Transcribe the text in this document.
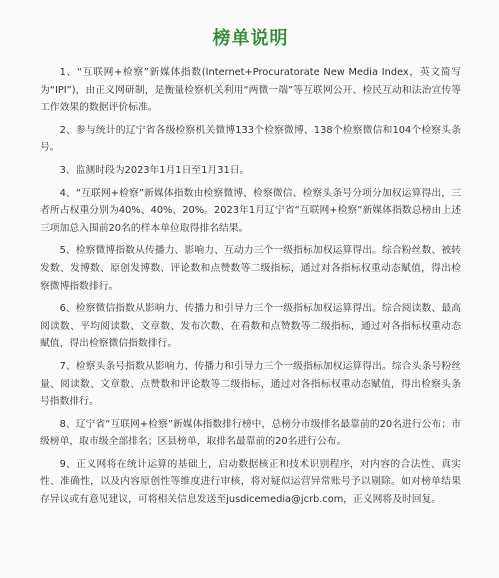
榜单说明

1、“互联网+检察”新媒体指数(Internet+Procuratorate New Media Index，英文简写为“IPI”)，由正义网研制，是衡量检察机关利用“两微一端”等互联网公开、检民互动和法治宣传等工作效果的数据评价标准。

2、参与统计的辽宁省各级检察机关微博133个检察微博、138个检察微信和104个检察头条号。

3、监测时段为2023年1月1日至1月31日。

4、“互联网+检察”新媒体指数由检察微博、检察微信、检察头条号分项分加权运算得出，三者所占权重分别为40%、40%、20%。2023年1月辽宁省“互联网+检察”新媒体指数总榜由上述三项加总入围前20名的样本单位取得排名结果。

5、检察微博指数从传播力、影响力、互动力三个一级指标加权运算得出。综合粉丝数、被转发数、发博数、原创发博数、评论数和点赞数等二级指标，通过对各指标权重动态赋值，得出检察微博指数排行。

6、检察微信指数从影响力、传播力和引导力三个一级指标加权运算得出。综合阅读数、最高阅读数、平均阅读数、文章数、发布次数、在看数和点赞数等二级指标，通过对各指标权重动态赋值，得出检察微信指数排行。

7、检察头条号指数从影响力、传播力和引导力三个一级指标加权运算得出。综合头条号粉丝量、阅读数、文章数、点赞数和评论数等二级指标，通过对各指标权重动态赋值，得出检察头条号指数排行。

8、辽宁省“互联网+检察”新媒体指数排行榜中，总榜分市级排名最靠前的20名进行公布；市级榜单，取市级全部排名；区县榜单，取排名最靠前的20名进行公布。

9、正义网将在统计运算的基础上，启动数据核正和技术识别程序，对内容的合法性、真实性、准确性，以及内容原创性等维度进行审核，将对疑似运营异常账号予以剔除。如对榜单结果存异议或有意见建议，可将相关信息发送至jusdicemedia@jcrb.com，正义网将及时回复。
